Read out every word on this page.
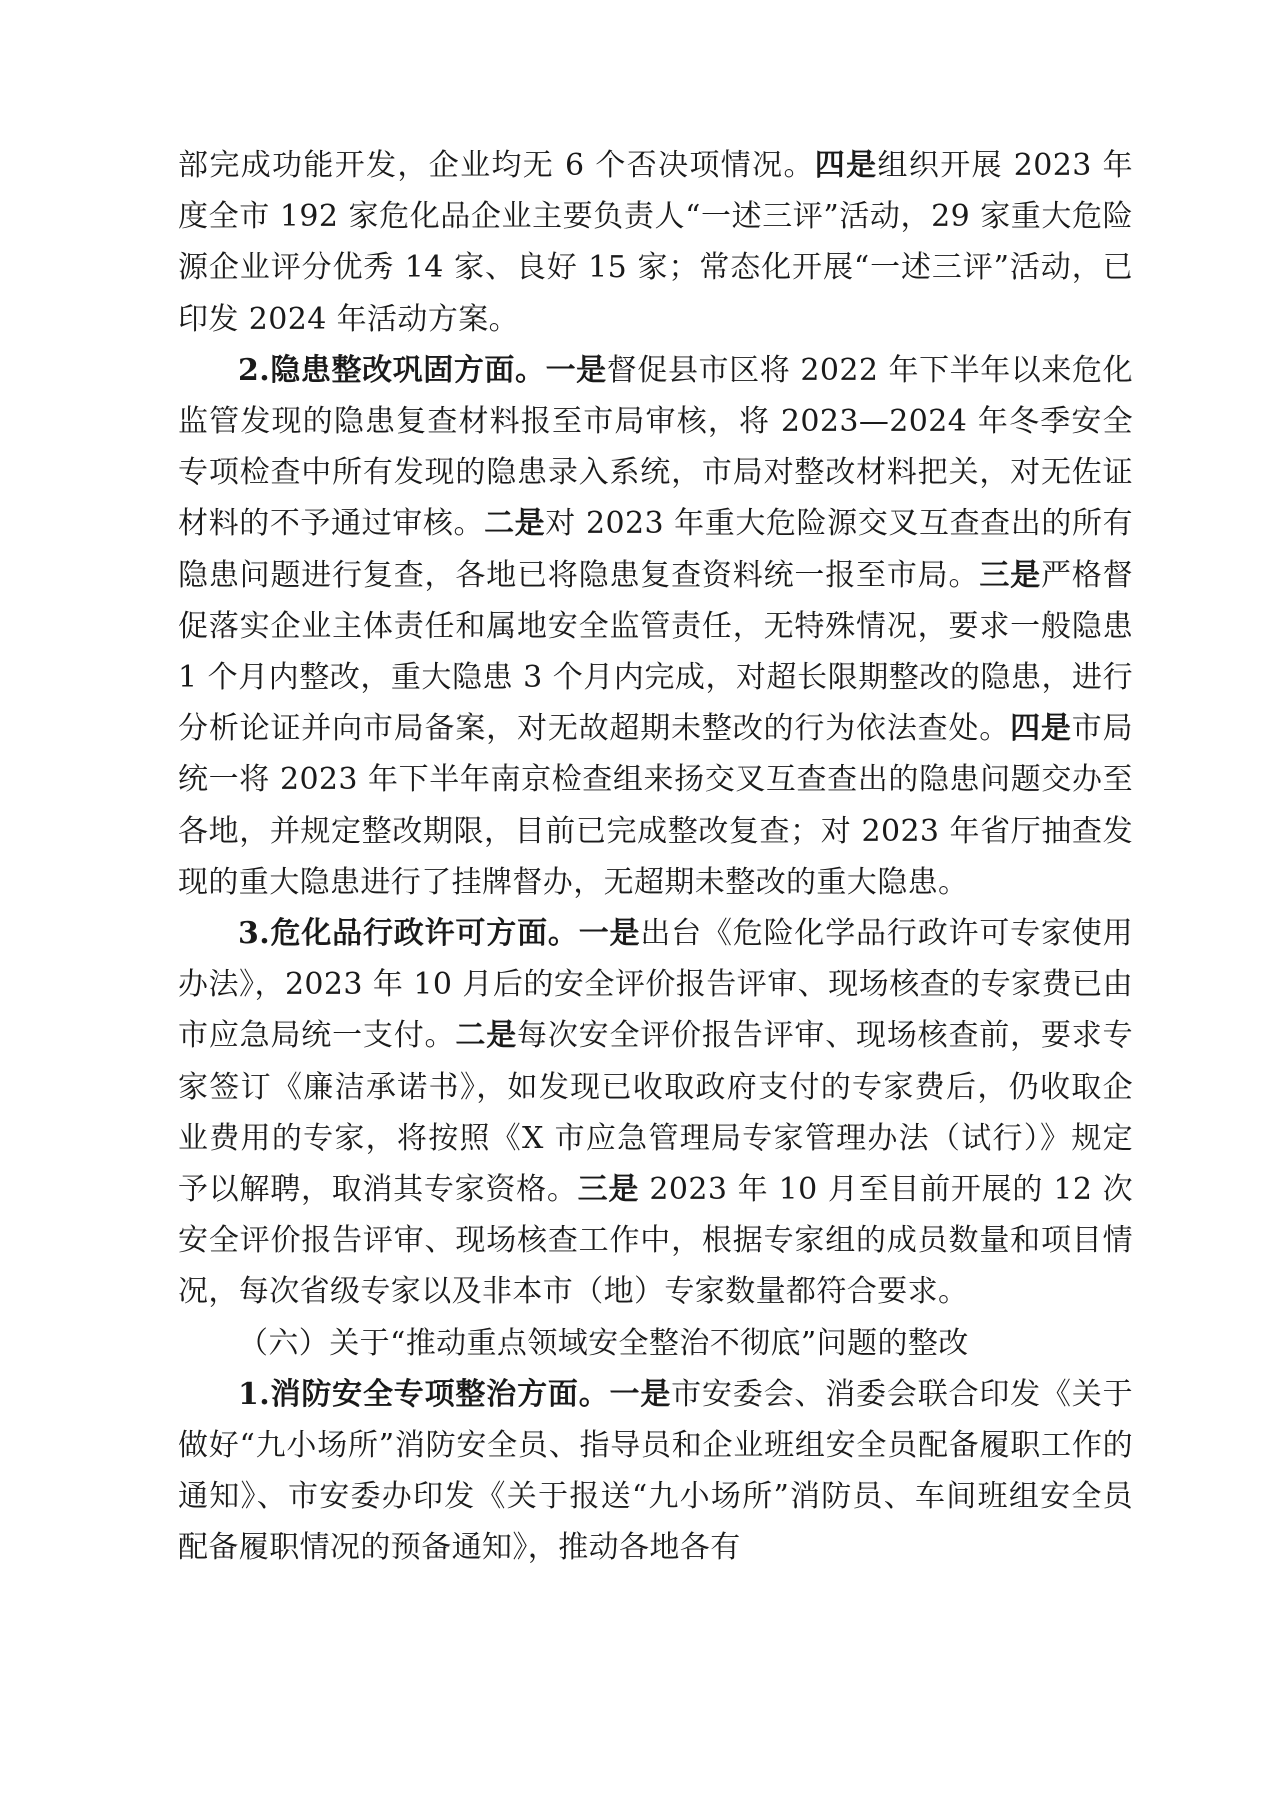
部完成功能开发，企业均无 6 个否决项情况。四是组织开展 2023 年度全市 192 家危化品企业主要负责人“一述三评”活动，29 家重大危险源企业评分优秀 14 家、良好 15 家；常态化开展“一述三评”活动，已印发 2024 年活动方案。

2.隐患整改巩固方面。一是督促县市区将 2022 年下半年以来危化监管发现的隐患复查材料报至市局审核，将 2023—2024 年冬季安全专项检查中所有发现的隐患录入系统，市局对整改材料把关，对无佐证材料的不予通过审核。二是对 2023 年重大危险源交叉互查查出的所有隐患问题进行复查，各地已将隐患复查资料统一报至市局。三是严格督促落实企业主体责任和属地安全监管责任，无特殊情况，要求一般隐患 1 个月内整改，重大隐患 3 个月内完成，对超长限期整改的隐患，进行分析论证并向市局备案，对无故超期未整改的行为依法查处。四是市局统一将 2023 年下半年南京检查组来扬交叉互查查出的隐患问题交办至各地，并规定整改期限，目前已完成整改复查；对 2023 年省厅抽查发现的重大隐患进行了挂牌督办，无超期未整改的重大隐患。

3.危化品行政许可方面。一是出台《危险化学品行政许可专家使用办法》，2023 年 10 月后的安全评价报告评审、现场核查的专家费已由市应急局统一支付。二是每次安全评价报告评审、现场核查前，要求专家签订《廉洁承诺书》，如发现已收取政府支付的专家费后，仍收取企业费用的专家，将按照《X 市应急管理局专家管理办法（试行）》规定予以解聘，取消其专家资格。三是 2023 年 10 月至目前开展的 12 次安全评价报告评审、现场核查工作中，根据专家组的成员数量和项目情况，每次省级专家以及非本市（地）专家数量都符合要求。

（六）关于“推动重点领域安全整治不彻底”问题的整改

1.消防安全专项整治方面。一是市安委会、消委会联合印发《关于做好“九小场所”消防安全员、指导员和企业班组安全员配备履职工作的通知》、市安委办印发《关于报送“九小场所”消防员、车间班组安全员配备履职情况的预备通知》，推动各地各有
